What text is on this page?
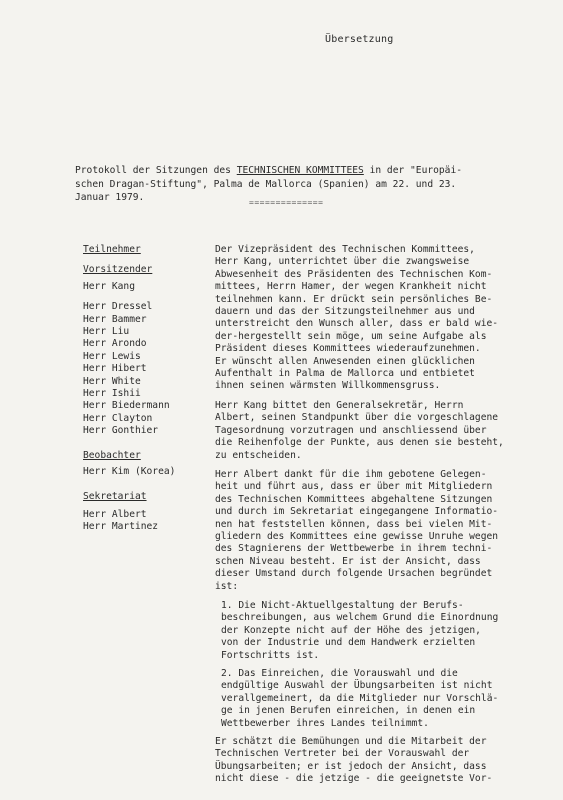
Übersetzung
Protokoll der Sitzungen des TECHNISCHEN KOMMITTEES in der "Europäi-
schen Dragan-Stiftung", Palma de Mallorca (Spanien) am 22. und 23.
Januar 1979.	==============
Teilnehmer
Vorsitzender
Herr Kang
Herr Dressel
Herr Bammer
Herr Liu
Herr Arondo
Herr Lewis
Herr Hibert
Herr White
Herr Ishii
Herr Biedermann
Herr Clayton
Herr Gonthier
Beobachter
Herr Kim (Korea)
Sekretariat
Herr Albert
Herr Martinez

Der Vizepräsident des Technischen Kommittees,
Herr Kang, unterrichtet über die zwangsweise
Abwesenheit des Präsidenten des Technischen Kom-
mittees, Herrn Hamer, der wegen Krankheit nicht
teilnehmen kann. Er drückt sein persönliches Be-
dauern und das der Sitzungsteilnehmer aus und
unterstreicht den Wunsch aller, dass er bald wie-
der-hergestellt sein möge, um seine Aufgabe als
Präsident dieses Kommittees wiederaufzunehmen.
Er wünscht allen Anwesenden einen glücklichen
Aufenthalt in Palma de Mallorca und entbietet
ihnen seinen wärmsten Willkommensgruss.

Herr Kang bittet den Generalsekretär, Herrn
Albert, seinen Standpunkt über die vorgeschlagene
Tagesordnung vorzutragen und anschliessend über
die Reihenfolge der Punkte, aus denen sie besteht,
zu entscheiden.

Herr Albert dankt für die ihm gebotene Gelegen-
heit und führt aus, dass er über mit Mitgliedern
des Technischen Kommittees abgehaltene Sitzungen
und durch im Sekretariat eingegangene Informatio-
nen hat feststellen können, dass bei vielen Mit-
gliedern des Kommittees eine gewisse Unruhe wegen
des Stagnierens der Wettbewerbe in ihrem techni-
schen Niveau besteht. Er ist der Ansicht, dass
dieser Umstand durch folgende Ursachen begründet
ist:

1. Die Nicht-Aktuellgestaltung der Berufs-
beschreibungen, aus welchem Grund die Einordnung
der Konzepte nicht auf der Höhe des jetzigen,
von der Industrie und dem Handwerk erzielten
Fortschritts ist.

2. Das Einreichen, die Vorauswahl und die
endgültige Auswahl der Übungsarbeiten ist nicht
verallgemeinert, da die Mitglieder nur Vorschlä-
ge in jenen Berufen einreichen, in denen ein
Wettbewerber ihres Landes teilnimmt.

Er schätzt die Bemühungen und die Mitarbeit der
Technischen Vertreter bei der Vorauswahl der
Übungsarbeiten; er ist jedoch der Ansicht, dass
nicht diese - die jetzige - die geeignetste Vor-
